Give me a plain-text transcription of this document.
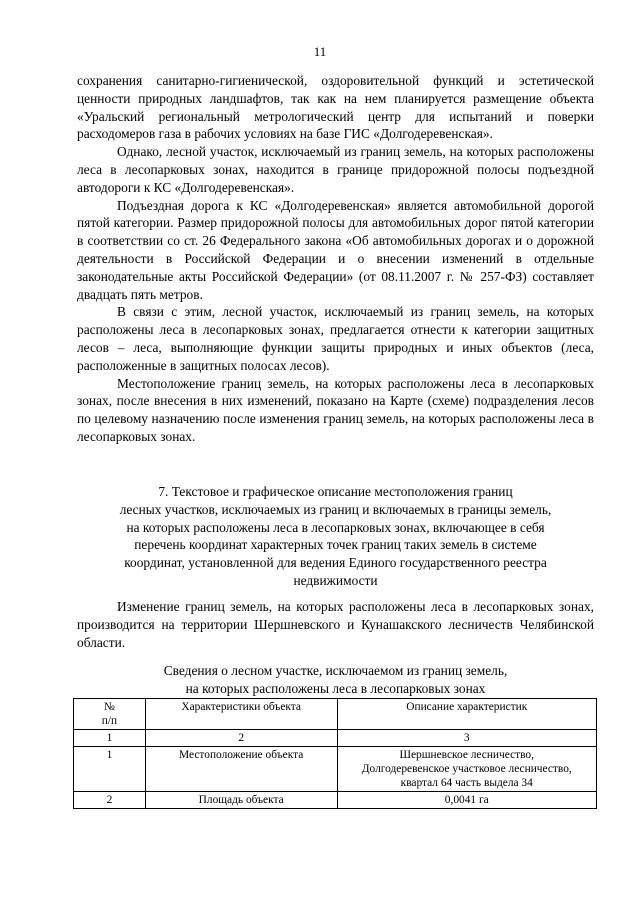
11

сохранения санитарно-гигиенической, оздоровительной функций и эстетической ценности природных ландшафтов, так как на нем планируется размещение объекта «Уральский региональный метрологический центр для испытаний и поверки расходомеров газа в рабочих условиях на базе ГИС «Долгодеревенская».

Однако, лесной участок, исключаемый из границ земель, на которых расположены леса в лесопарковых зонах, находится в границе придорожной полосы подъездной автодороги к КС «Долгодеревенская».

Подъездная дорога к КС «Долгодеревенская» является автомобильной дорогой пятой категории. Размер придорожной полосы для автомобильных дорог пятой категории в соответствии со ст. 26 Федерального закона «Об автомобильных дорогах и о дорожной деятельности в Российской Федерации и о внесении изменений в отдельные законодательные акты Российской Федерации» (от 08.11.2007 г. № 257-ФЗ) составляет двадцать пять метров.

В связи с этим, лесной участок, исключаемый из границ земель, на которых расположены леса в лесопарковых зонах, предлагается отнести к категории защитных лесов – леса, выполняющие функции защиты природных и иных объектов (леса, расположенные в защитных полосах лесов).

Местоположение границ земель, на которых расположены леса в лесопарковых зонах, после внесения в них изменений, показано на Карте (схеме) подразделения лесов по целевому назначению после изменения границ земель, на которых расположены леса в лесопарковых зонах.

7. Текстовое и графическое описание местоположения границ
лесных участков, исключаемых из границ и включаемых в границы земель,
на которых расположены леса в лесопарковых зонах, включающее в себя
перечень координат характерных точек границ таких земель в системе
координат, установленной для ведения Единого государственного реестра
недвижимости

Изменение границ земель, на которых расположены леса в лесопарковых зонах, производится на территории Шершневского и Кунашакского лесничеств Челябинской области.

Сведения о лесном участке, исключаемом из границ земель,
на которых расположены леса в лесопарковых зонах
№
п/п	Характеристики объекта	Описание характеристик
1	2	3
1	Местоположение объекта	Шершневское лесничество,
Долгодеревенское участковое лесничество,
квартал 64 часть выдела 34

2	Площадь объекта	0,0041 га
